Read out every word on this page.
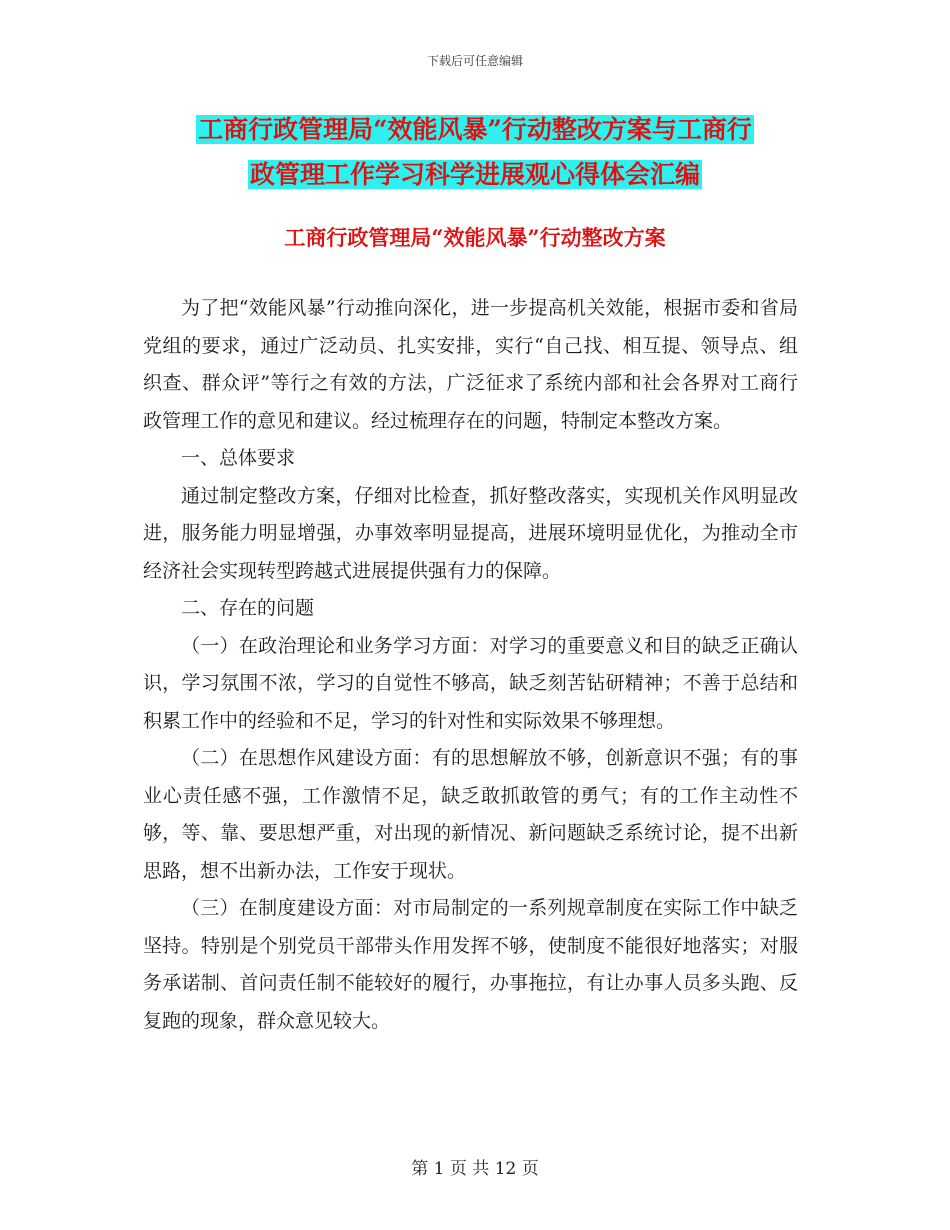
下载后可任意编辑
工商行政管理局“效能风暴”行动整改方案与工商行
政管理工作学习科学进展观心得体会汇编
工商行政管理局“效能风暴”行动整改方案

为了把“效能风暴”行动推向深化，进一步提高机关效能，根据市委和省局党组的要求，通过广泛动员、扎实安排，实行“自己找、相互提、领导点、组织查、群众评”等行之有效的方法，广泛征求了系统内部和社会各界对工商行政管理工作的意见和建议。经过梳理存在的问题，特制定本整改方案。

一、总体要求

通过制定整改方案，仔细对比检查，抓好整改落实，实现机关作风明显改进，服务能力明显增强，办事效率明显提高，进展环境明显优化，为推动全市经济社会实现转型跨越式进展提供强有力的保障。

二、存在的问题

（一）在政治理论和业务学习方面：对学习的重要意义和目的缺乏正确认识，学习氛围不浓，学习的自觉性不够高，缺乏刻苦钻研精神；不善于总结和积累工作中的经验和不足，学习的针对性和实际效果不够理想。

（二）在思想作风建设方面：有的思想解放不够，创新意识不强；有的事业心责任感不强，工作激情不足，缺乏敢抓敢管的勇气；有的工作主动性不够，等、靠、要思想严重，对出现的新情况、新问题缺乏系统讨论，提不出新思路，想不出新办法，工作安于现状。

（三）在制度建设方面：对市局制定的一系列规章制度在实际工作中缺乏坚持。特别是个别党员干部带头作用发挥不够，使制度不能很好地落实；对服务承诺制、首问责任制不能较好的履行，办事拖拉，有让办事人员多头跑、反复跑的现象，群众意见较大。

第 1 页 共 12 页
